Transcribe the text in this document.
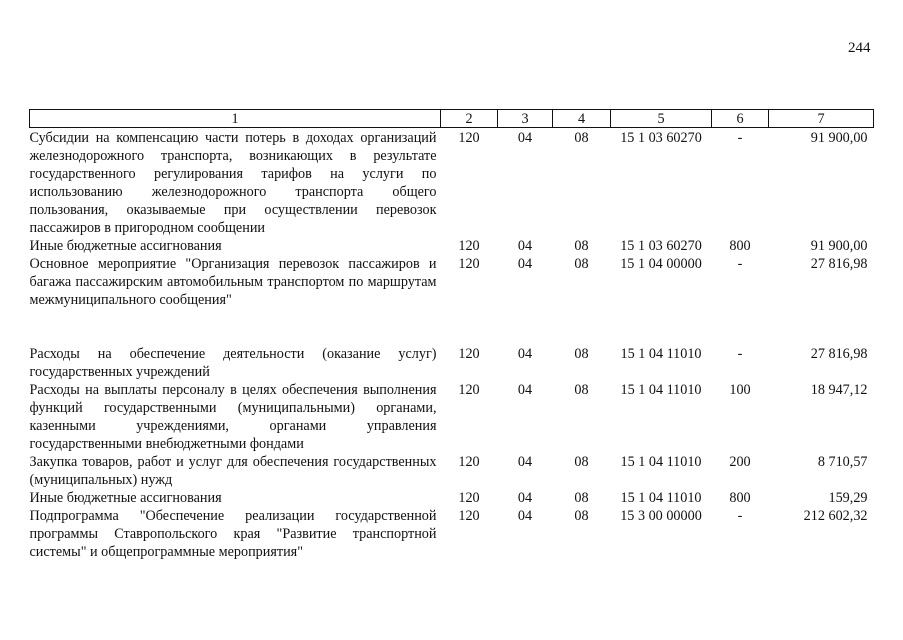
244
1	2	3	4	5	6	7
Субсидии на компенсацию части потерь в доходах организаций железнодорожного транспорта, возникающих в результате государственного регулирования тарифов на услуги по использованию железнодорожного транспорта общего пользования, оказываемые при осуществлении перевозок пассажиров в пригородном сообщении	120	04	08	15 1 03 60270	-	91 900,00
Иные бюджетные ассигнования	120	04	08	15 1 03 60270	800	91 900,00
Основное мероприятие "Организация перевозок пассажиров и багажа пассажирским автомобильным транспортом по маршрутам межмуниципального сообщения"	120	04	08	15 1 04 00000	-	27 816,98

Расходы на обеспечение деятельности (оказание услуг) государственных учреждений	120	04	08	15 1 04 11010	-	27 816,98
Расходы на выплаты персоналу в целях обеспечения выполнения функций государственными (муниципальными) органами, казенными учреждениями, органами управления государственными внебюджетными фондами	120	04	08	15 1 04 11010	100	18 947,12
Закупка товаров, работ и услуг для обеспечения государственных (муниципальных) нужд	120	04	08	15 1 04 11010	200	8 710,57
Иные бюджетные ассигнования	120	04	08	15 1 04 11010	800	159,29
Подпрограмма "Обеспечение реализации государственной программы Ставропольского края "Развитие транспортной системы" и общепрограммные мероприятия"	120	04	08	15 3 00 00000	-	212 602,32
